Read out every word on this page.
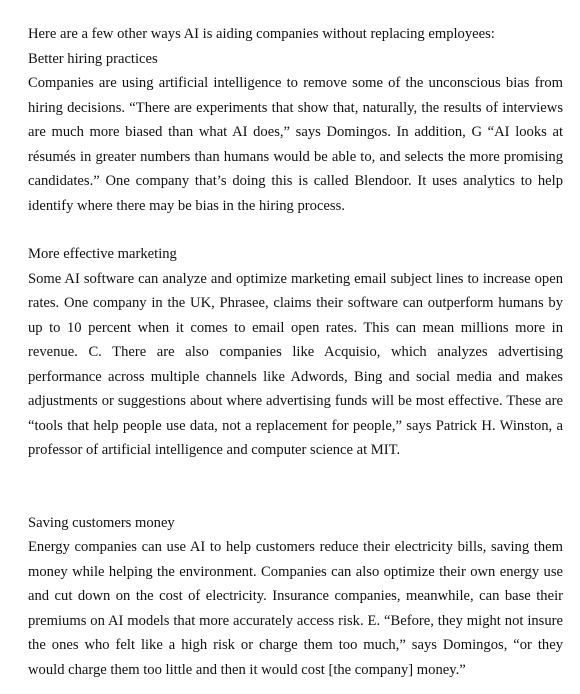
Here are a few other ways AI is aiding companies without replacing employees:

Better hiring practices

Companies are using artificial intelligence to remove some of the unconscious bias from hiring decisions. “There are experiments that show that, naturally, the results of interviews are much more biased than what AI does,” says Domingos. In addition, G “AI looks at résumés in greater numbers than humans would be able to, and selects the more promising candidates.” One company that’s doing this is called Blendoor. It uses analytics to help identify where there may be bias in the hiring process.

More effective marketing

Some AI software can analyze and optimize marketing email subject lines to increase open rates. One company in the UK, Phrasee, claims their software can outperform humans by up to 10 percent when it comes to email open rates. This can mean millions more in revenue. C. There are also companies like Acquisio, which analyzes advertising performance across multiple channels like Adwords, Bing and social media and makes adjustments or suggestions about where advertising funds will be most effective. These are “tools that help people use data, not a replacement for people,” says Patrick H. Winston, a professor of artificial intelligence and computer science at MIT.

Saving customers money

Energy companies can use AI to help customers reduce their electricity bills, saving them money while helping the environment. Companies can also optimize their own energy use and cut down on the cost of electricity. Insurance companies, meanwhile, can base their premiums on AI models that more accurately access risk. E. “Before, they might not insure the ones who felt like a high risk or charge them too much,” says Domingos, “or they would charge them too little and then it would cost [the company] money.”
